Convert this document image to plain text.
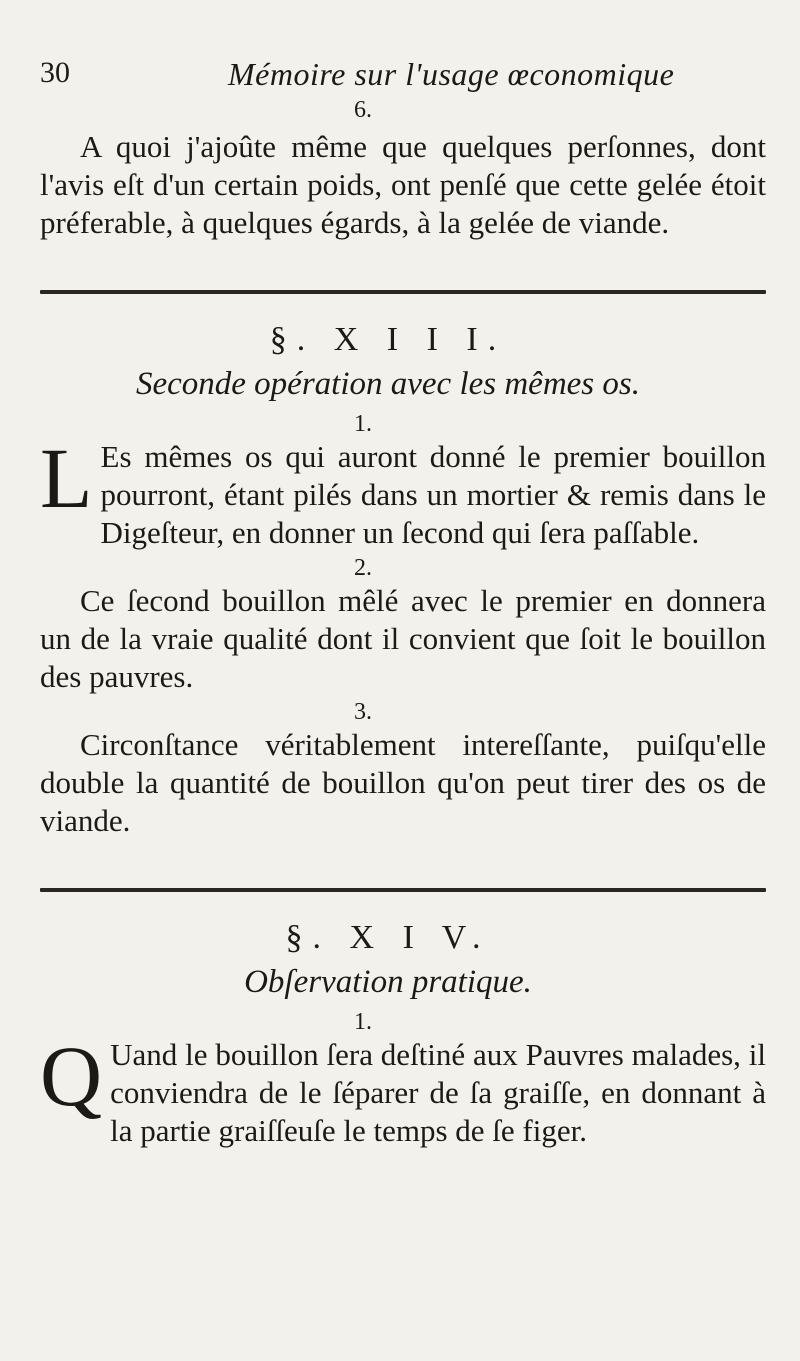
30	Mémoire sur l'usage œconomique
6.

A quoi j'ajoûte même que quelques perſonnes, dont l'avis eſt d'un certain poids, ont penſé que cette gelée étoit préferable, à quelques égards, à la gelée de viande.

§. X I I I.
Seconde opération avec les mêmes os.
1.
L Es mêmes os qui auront donné le premier bouillon pourront, étant pilés dans un mortier & remis dans le Digeſteur, en donner un ſecond qui ſera paſſable.

2.

Ce ſecond bouillon mêlé avec le premier en donnera un de la vraie qualité dont il convient que ſoit le bouillon des pauvres.

3.

Circonſtance véritablement intereſſante, puiſqu'elle double la quantité de bouillon qu'on peut tirer des os de viande.

§. X I V.
Obſervation pratique.
1.
Q Uand le bouillon ſera deſtiné aux Pauvres malades, il conviendra de le ſéparer de ſa graiſſe, en donnant à la partie graiſſeuſe le temps de ſe figer.
